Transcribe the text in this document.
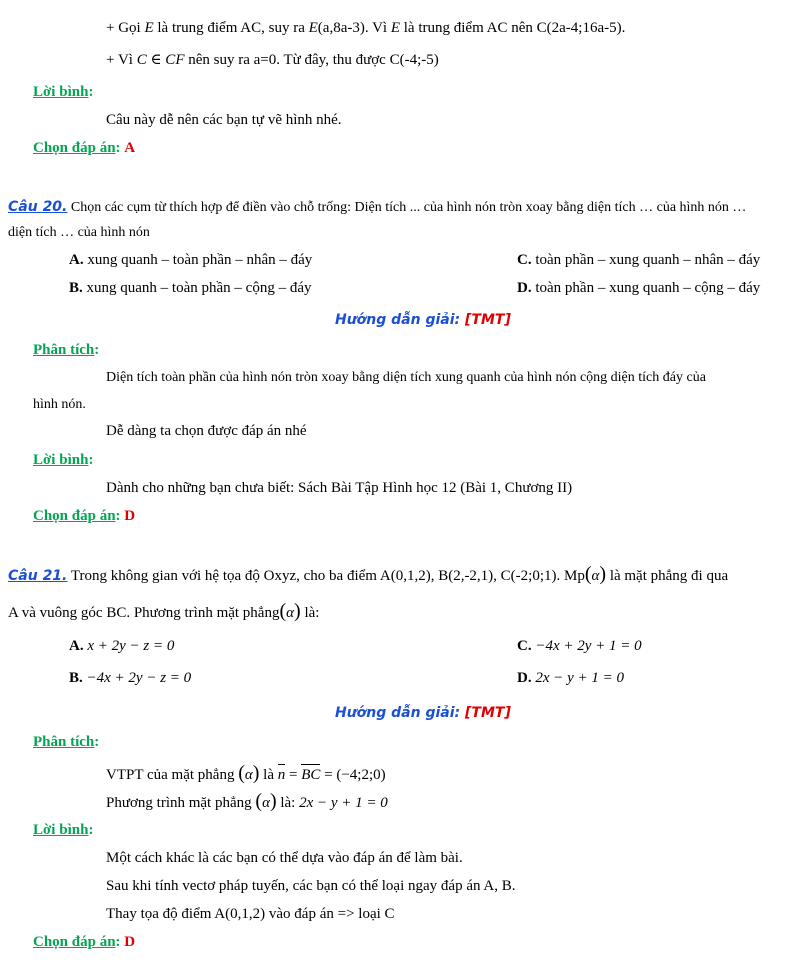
+ Gọi E là trung điểm AC, suy ra E(a,8a-3). Vì E là trung điểm AC nên C(2a-4;16a-5).
+ Vì C ∈ CF nên suy ra a=0. Từ đây, thu được C(-4;-5)
Lời bình:
Câu này dễ nên các bạn tự vẽ hình nhé.
Chọn đáp án: A
Câu 20. Chọn các cụm từ thích hợp để điền vào chỗ trống: Diện tích ... của hình nón tròn xoay bằng diện tích … của hình nón …
diện tích … của hình nón
A. xung quanh – toàn phần – nhân – đáy	C. toàn phần – xung quanh – nhân – đáy
B. xung quanh – toàn phần – cộng – đáy	D. toàn phần – xung quanh – cộng – đáy
Hướng dẫn giải: [TMT]
Phân tích:
Diện tích toàn phần của hình nón tròn xoay bằng diện tích xung quanh của hình nón cộng diện tích đáy của
hình nón.
Dễ dàng ta chọn được đáp án nhé
Lời bình:
Dành cho những bạn chưa biết: Sách Bài Tập Hình học 12 (Bài 1, Chương II)
Chọn đáp án: D
Câu 21. Trong không gian với hệ tọa độ Oxyz, cho ba điểm A(0,1,2), B(2,-2,1), C(-2;0;1). Mp(α) là mặt phẳng đi qua
A và vuông góc BC. Phương trình mặt phẳng(α) là:
A. x + 2y − z = 0	C. −4x + 2y + 1 = 0
B. −4x + 2y − z = 0	D. 2x − y + 1 = 0
Hướng dẫn giải: [TMT]
Phân tích:
VTPT của mặt phẳng (α) là n = BC = (−4;2;0)
Phương trình mặt phẳng (α) là: 2x − y + 1 = 0
Lời bình:
Một cách khác là các bạn có thể dựa vào đáp án để làm bài.
Sau khi tính vectơ pháp tuyến, các bạn có thể loại ngay đáp án A, B.
Thay tọa độ điểm A(0,1,2) vào đáp án => loại C
Chọn đáp án: D
